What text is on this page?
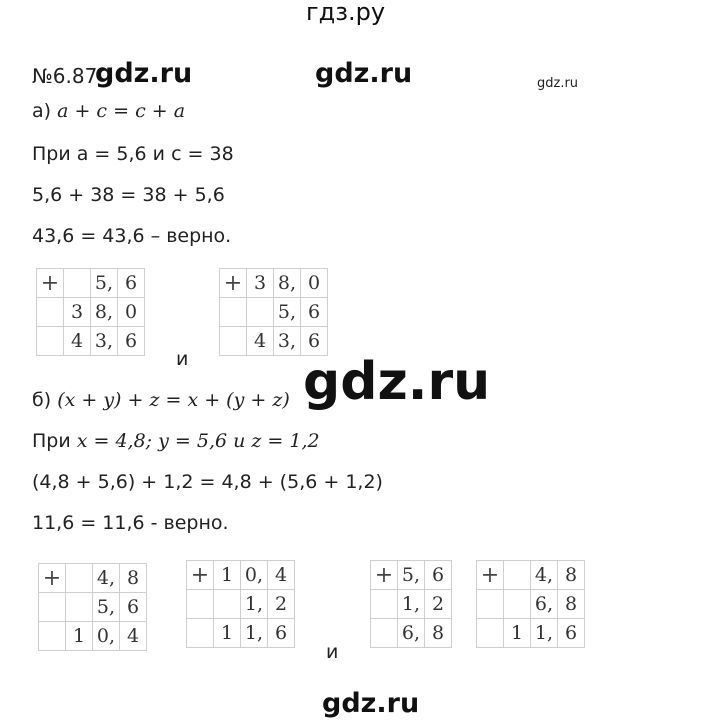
гдз.ру
№6.87
gdz.ru	gdz.ru	gdz.ru
а) a + c = c + a
При a = 5,6 и c = 38
5,6 + 38 = 38 + 5,6
43,6 = 43,6 – верно.
+		5,	6
	3	8,	0
	4	3,	6
+	3	8,	0
		5,	6
	4	3,	6
и gdz.ru
б) (x + y) + z = x + (y + z)
При x = 4,8; y = 5,6 и z = 1,2
(4,8 + 5,6) + 1,2 = 4,8 + (5,6 + 1,2)
11,6 = 11,6 - верно.
+		4,	8
		5,	6
	1	0,	4
+	1	0,	4
		1,	2
	1	1,	6
+	5,	6
	1,	2
	6,	8
+		4,	8
		6,	8
	1	1,	6
и
gdz.ru
